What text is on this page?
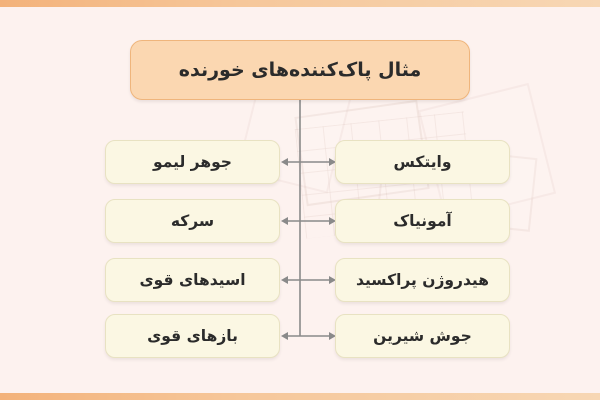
مثال پاک‌کننده‌های خورنده
وایتکس
آمونیاک
هیدروژن پراکسید
جوش شیرین
جوهر لیمو
سرکه
اسیدهای قوی
بازهای قوی
